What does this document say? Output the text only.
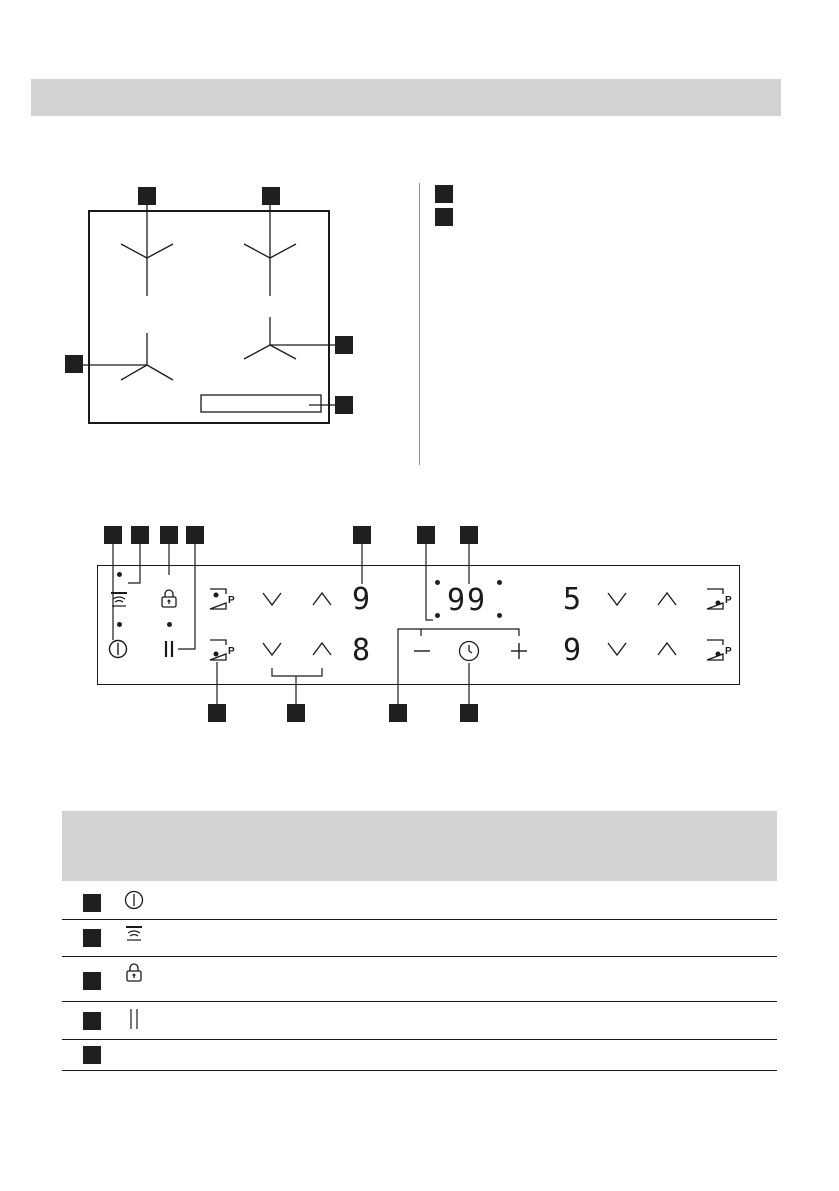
P
P
9
8
99	5
9
P
P
